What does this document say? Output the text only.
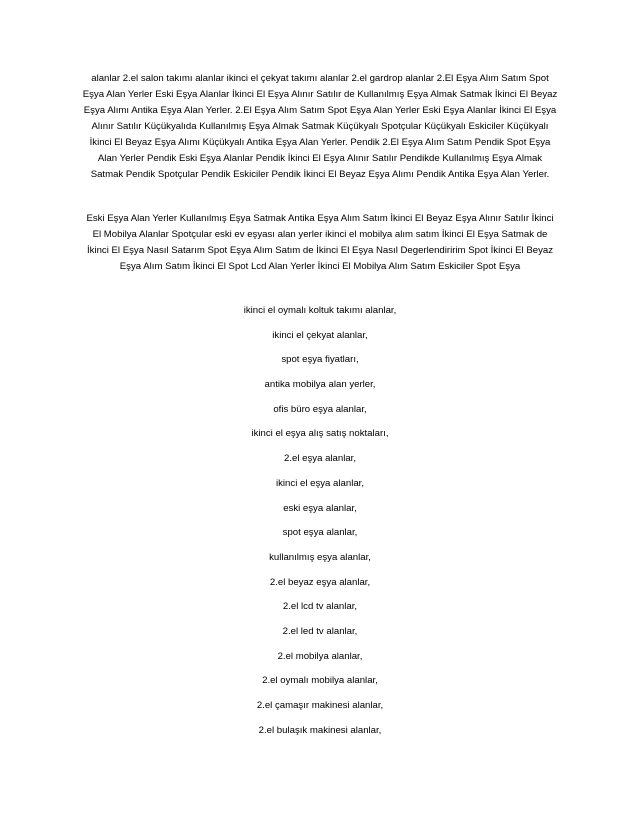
alanlar 2.el salon takımı alanlar ikinci el çekyat takımı alanlar 2.el gardrop alanlar 2.El Eşya Alım Satım Spot Eşya Alan Yerler Eski Eşya Alanlar İkinci El Eşya Alınır Satılır de Kullanılmış Eşya Almak Satmak İkinci El Beyaz Eşya Alımı Antika Eşya Alan Yerler. 2.El Eşya Alım Satım Spot Eşya Alan Yerler Eski Eşya Alanlar İkinci El Eşya Alınır Satılır Küçükyalıda Kullanılmış Eşya Almak Satmak Küçükyalı Spotçular Küçükyalı Eskiciler Küçükyalı İkinci El Beyaz Eşya Alımı Küçükyalı Antika Eşya Alan Yerler. Pendik 2.El Eşya Alım Satım Pendik Spot Eşya Alan Yerler Pendik Eski Eşya Alanlar Pendik İkinci El Eşya Alınır Satılır Pendikde Kullanılmış Eşya Almak Satmak Pendik Spotçular Pendik Eskiciler Pendik İkinci El Beyaz Eşya Alımı Pendik Antika Eşya Alan Yerler.

Eski Eşya Alan Yerler Kullanılmış Eşya Satmak Antika Eşya Alım Satım İkinci El Beyaz Eşya Alınır Satılır İkinci El Mobilya Alanlar Spotçular eski ev eşyası alan yerler ikinci el mobilya alım satım İkinci El Eşya Satmak de İkinci El Eşya Nasıl Satarım Spot Eşya Alım Satım de İkinci El Eşya Nasıl Degerlendiririm Spot İkinci El Beyaz Eşya Alım Satım İkinci El Spot Lcd Alan Yerler İkinci El Mobilya Alım Satım Eskiciler Spot Eşya

ikinci el oymalı koltuk takımı alanlar,
ikinci el çekyat alanlar,
spot eşya fiyatları,
antika mobilya alan yerler,
ofis büro eşya alanlar,
ikinci el eşya alış satış noktaları,
2.el eşya alanlar,
ikinci el eşya alanlar,
eski eşya alanlar,
spot eşya alanlar,
kullanılmış eşya alanlar,
2.el beyaz eşya alanlar,
2.el lcd tv alanlar,
2.el led tv alanlar,
2.el mobilya alanlar,
2.el oymalı mobilya alanlar,
2.el çamaşır makinesi alanlar,
2.el bulaşık makinesi alanlar,
